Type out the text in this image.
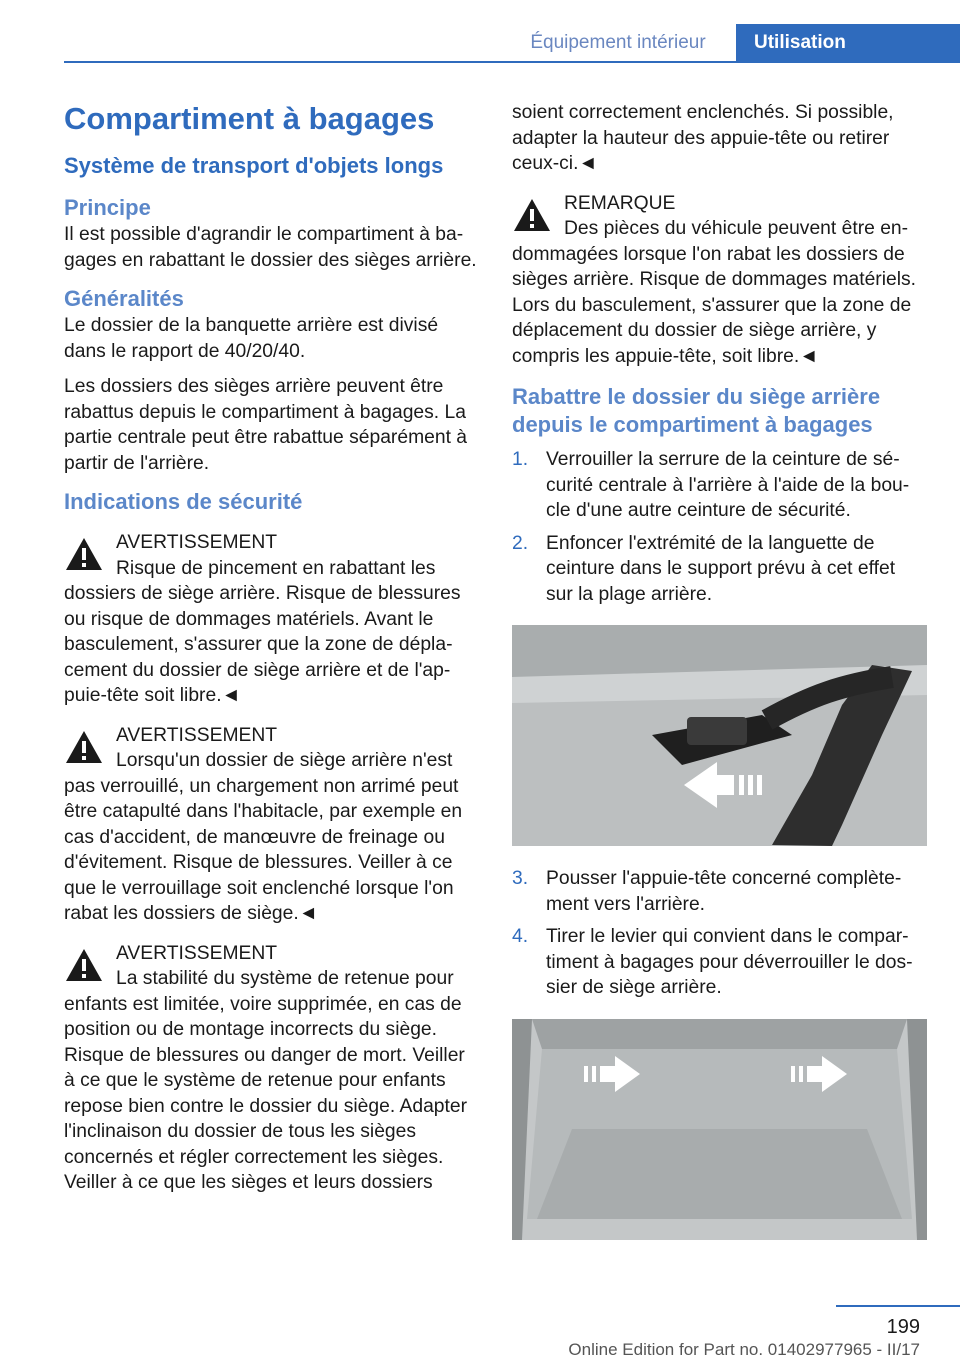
Équipement intérieur	Utilisation
Compartiment à bagages
Système de transport d'objets longs
Principe

Il est possible d'agrandir le compartiment à bagages en rabattant le dossier des sièges arrière.

Généralités

Le dossier de la banquette arrière est divisé dans le rapport de 40/20/40.

Les dossiers des sièges arrière peuvent être rabattus depuis le compartiment à bagages. La partie centrale peut être rabattue séparément à partir de l'arrière.

Indications de sécurité
AVERTISSEMENT

Risque de pincement en rabattant les dossiers de siège arrière. Risque de blessures ou risque de dommages matériels. Avant le basculement, s'assurer que la zone de déplacement du dossier de siège arrière et de l'appuie-tête soit libre.◄

AVERTISSEMENT

Lorsqu'un dossier de siège arrière n'est pas verrouillé, un chargement non arrimé peut être catapulté dans l'habitacle, par exemple en cas d'accident, de manœuvre de freinage ou d'évitement. Risque de blessures. Veiller à ce que le verrouillage soit enclenché lorsque l'on rabat les dossiers de siège.◄

AVERTISSEMENT

La stabilité du système de retenue pour enfants est limitée, voire supprimée, en cas de position ou de montage incorrects du siège. Risque de blessures ou danger de mort. Veiller à ce que le système de retenue pour enfants repose bien contre le dossier du siège. Adapter l'inclinaison du dossier de tous les sièges concernés et régler correctement les sièges. Veiller à ce que les sièges et leurs dossiers

soient correctement enclenchés. Si possible, adapter la hauteur des appuie-tête ou retirer ceux-ci.◄

REMARQUE

Des pièces du véhicule peuvent être endommagées lorsque l'on rabat les dossiers de sièges arrière. Risque de dommages matériels. Lors du basculement, s'assurer que la zone de déplacement du dossier de siège arrière, y compris les appuie-tête, soit libre.◄

Rabattre le dossier du siège arrière depuis le compartiment à bagages
1. Verrouiller la serrure de la ceinture de sécurité centrale à l'arrière à l'aide de la boucle d'une autre ceinture de sécurité.
2. Enfoncer l'extrémité de la languette de ceinture dans le support prévu à cet effet sur la plage arrière.
3. Pousser l'appuie-tête concerné complètement vers l'arrière.
4. Tirer le levier qui convient dans le compartiment à bagages pour déverrouiller le dossier de siège arrière.
199
Online Edition for Part no. 01402977965 - II/17
